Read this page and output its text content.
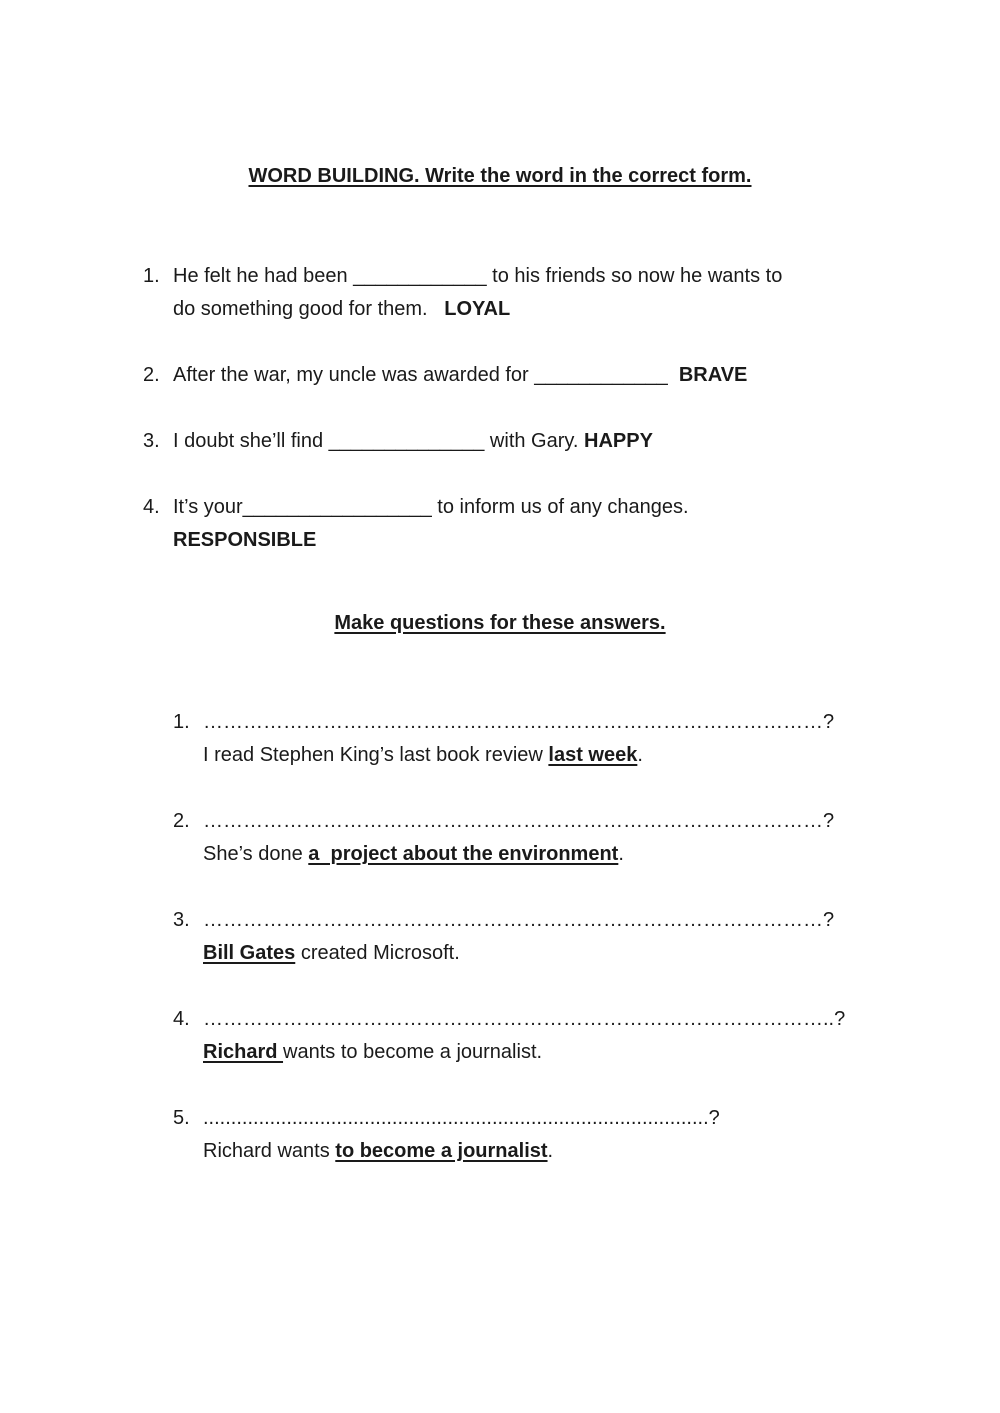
WORD BUILDING. Write the word in the correct form.
1. He felt he had been ____________ to his friends so now he wants to
do something good for them.   LOYAL
2. After the war, my uncle was awarded for ____________  BRAVE
3. I doubt she’ll find ______________ with Gary. HAPPY
4. It’s your_________________ to inform us of any changes.
RESPONSIBLE
Make questions for these answers.
1. …………………………………………………………………………………?
I read Stephen King’s last book review last week.
2. …………………………………………………………………………………?
She’s done a  project about the environment.
3. …………………………………………………………………………………?
Bill Gates created Microsoft.
4. …………………………………………………………………………………..?
Richard wants to become a journalist.
5. ...........................................................................................?
Richard wants to become a journalist.
